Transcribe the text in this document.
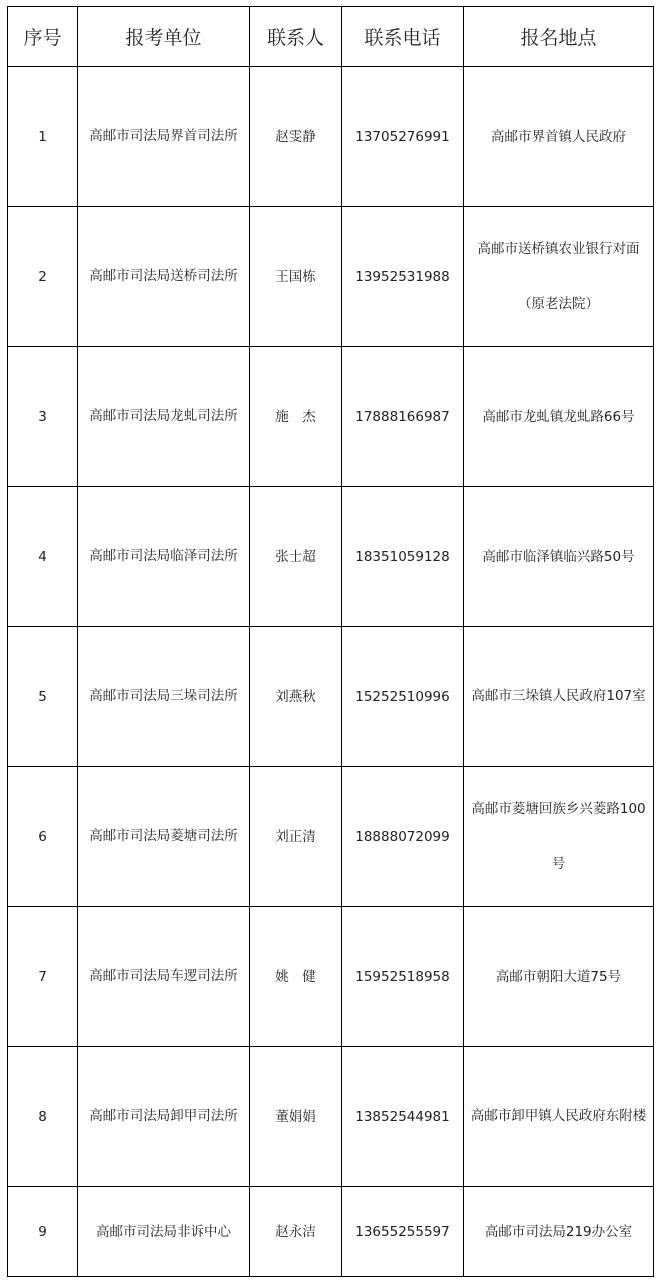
序号	报考单位	联系人	联系电话	报名地点
1	高邮市司法局界首司法所	赵雯静	13705276991	高邮市界首镇人民政府
2	高邮市司法局送桥司法所	王国栋	13952531988	高邮市送桥镇农业银行对面（原老法院）

3	高邮市司法局龙虬司法所	施　杰	17888166987	高邮市龙虬镇龙虬路66号
4	高邮市司法局临泽司法所	张士超	18351059128	高邮市临泽镇临兴路50号
5	高邮市司法局三垛司法所	刘燕秋	15252510996	高邮市三垛镇人民政府107室

6	高邮市司法局菱塘司法所	刘正清	18888072099	高邮市菱塘回族乡兴菱路100号

7	高邮市司法局车逻司法所	姚　健	15952518958	高邮市朝阳大道75号
8	高邮市司法局卸甲司法所	董娟娟	13852544981	高邮市卸甲镇人民政府东附楼

9	高邮市司法局非诉中心	赵永洁	13655255597	高邮市司法局219办公室
